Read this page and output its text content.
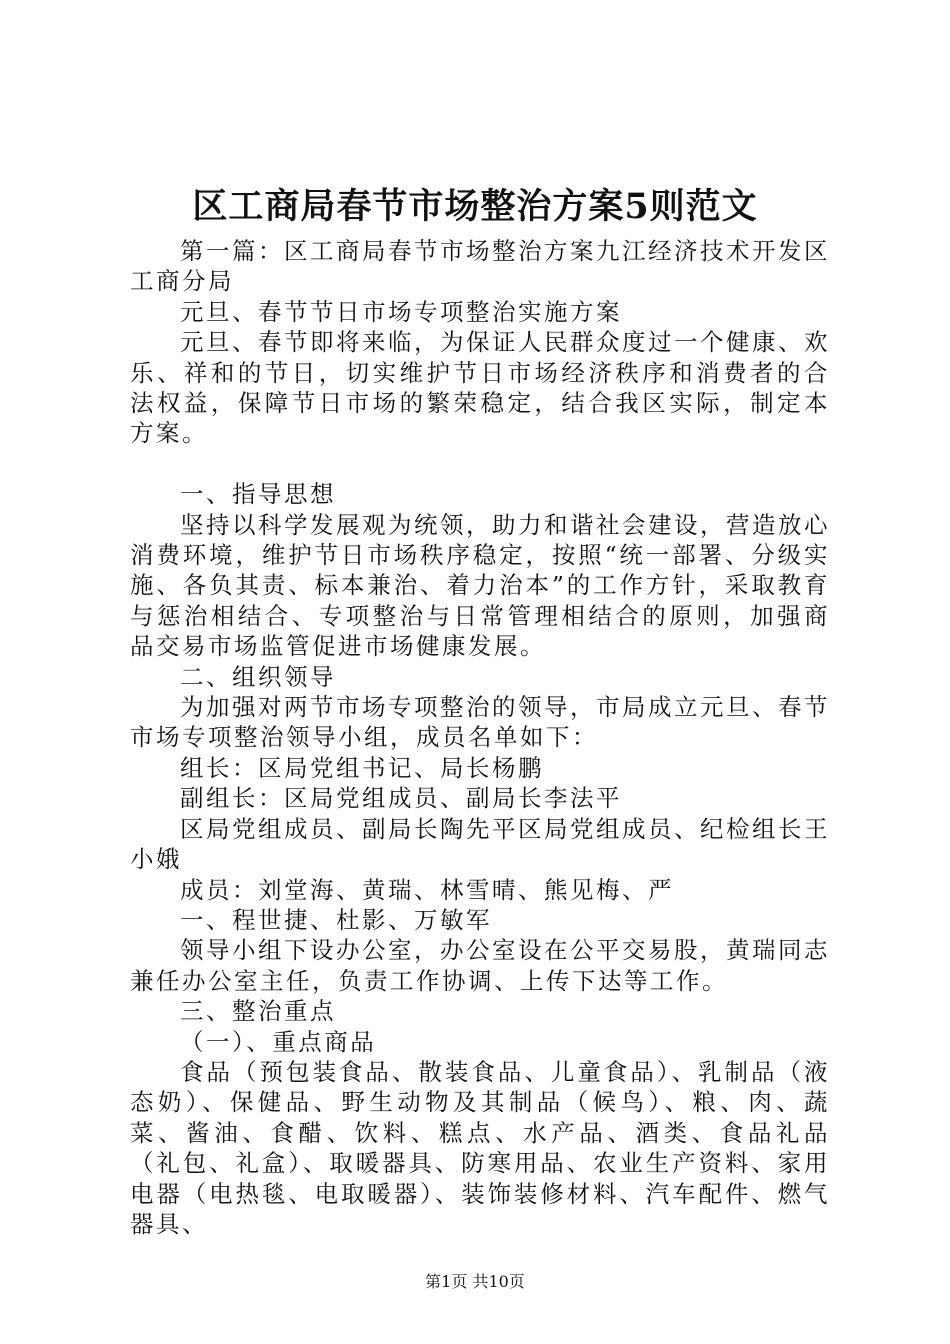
区工商局春节市场整治方案5则范文

第一篇：区工商局春节市场整治方案九江经济技术开发区工商分局

元旦、春节节日市场专项整治实施方案

元旦、春节即将来临，为保证人民群众度过一个健康、欢乐、祥和的节日，切实维护节日市场经济秩序和消费者的合法权益，保障节日市场的繁荣稳定，结合我区实际，制定本方案。

一、指导思想

坚持以科学发展观为统领，助力和谐社会建设，营造放心消费环境，维护节日市场秩序稳定，按照“统一部署、分级实施、各负其责、标本兼治、着力治本”的工作方针，采取教育与惩治相结合、专项整治与日常管理相结合的原则，加强商品交易市场监管促进市场健康发展。

二、组织领导

为加强对两节市场专项整治的领导，市局成立元旦、春节市场专项整治领导小组，成员名单如下：

组长：区局党组书记、局长杨鹏

副组长：区局党组成员、副局长李法平

区局党组成员、副局长陶先平区局党组成员、纪检组长王小娥

成员：刘堂海、黄瑞、林雪晴、熊见梅、严

一、程世捷、杜影、万敏军

领导小组下设办公室，办公室设在公平交易股，黄瑞同志兼任办公室主任，负责工作协调、上传下达等工作。

三、整治重点

（一）、重点商品

食品（预包装食品、散装食品、儿童食品）、乳制品（液态奶）、保健品、野生动物及其制品（候鸟）、粮、肉、蔬菜、酱油、食醋、饮料、糕点、水产品、酒类、食品礼品（礼包、礼盒）、取暖器具、防寒用品、农业生产资料、家用电器（电热毯、电取暖器）、装饰装修材料、汽车配件、燃气器具、

第1页 共10页
